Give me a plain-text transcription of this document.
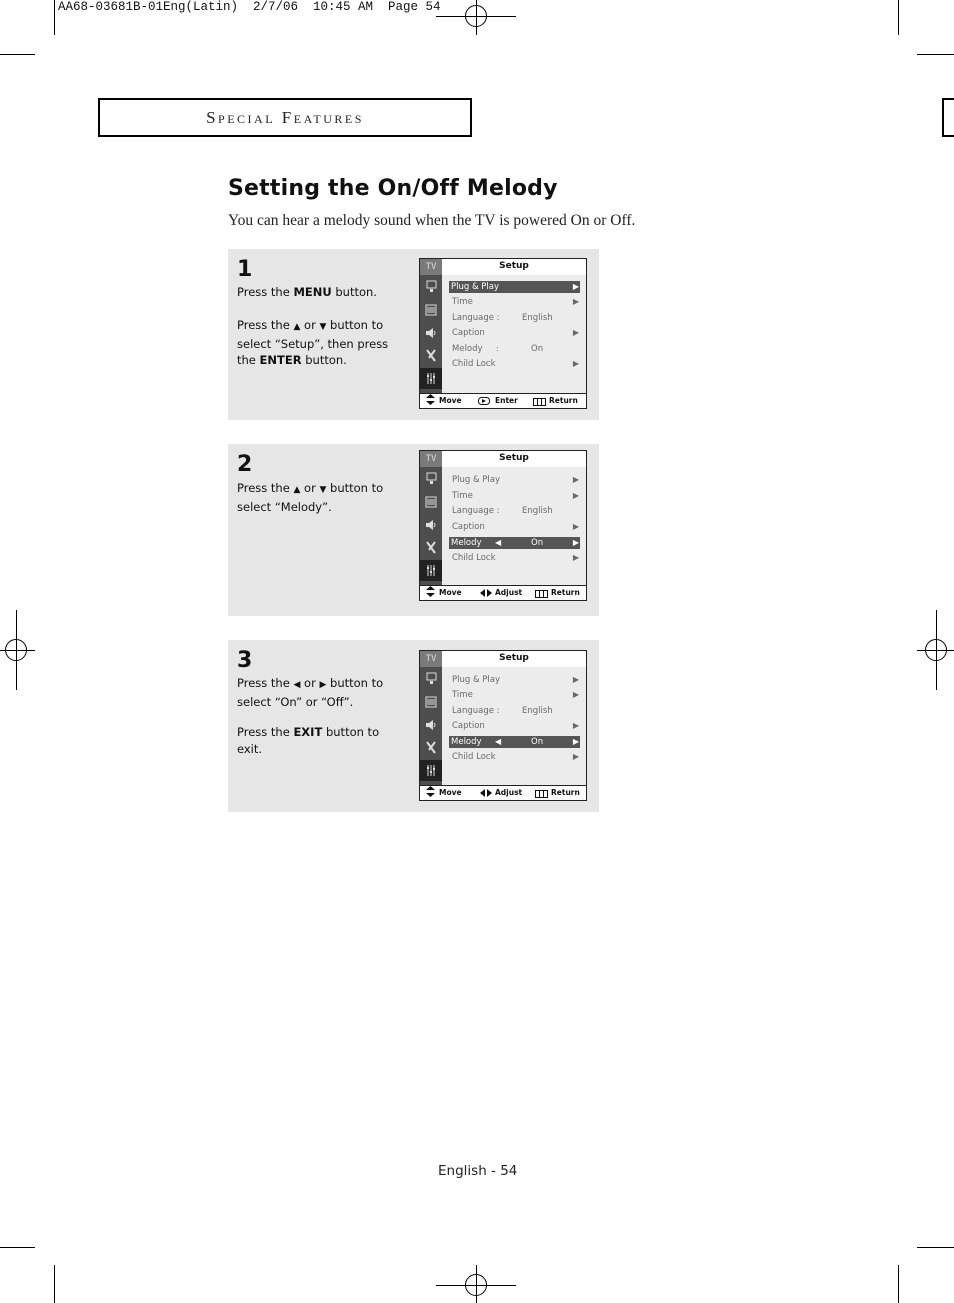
AA68-03681B-01Eng(Latin)  2/7/06  10:45 AM  Page 54
Special Features
Setting the On/Off Melody

You can hear a melody sound when the TV is powered On or Off.

1
Press the MENU button.
Press the ▲ or ▼ button to select “Setup”, then press the ENTER button.
TV	Setup
Plug & Play	▶
Time	▶
Language :	English
Caption	▶
Melody :	On
Child Lock	▶
Move	Enter	Return
2
Press the ▲ or ▼ button to select “Melody”.
TV	Setup
Plug & Play	▶
Time	▶
Language :	English
Caption	▶
Melody ◀	On	▶
Child Lock	▶
Move	Adjust	Return
3
Press the ◀ or ▶ button to select “On” or “Off”.
Press the EXIT button to exit.
TV	Setup
Plug & Play	▶
Time	▶
Language :	English
Caption	▶
Melody ◀	On	▶
Child Lock	▶
Move	Adjust	Return
English - 54
